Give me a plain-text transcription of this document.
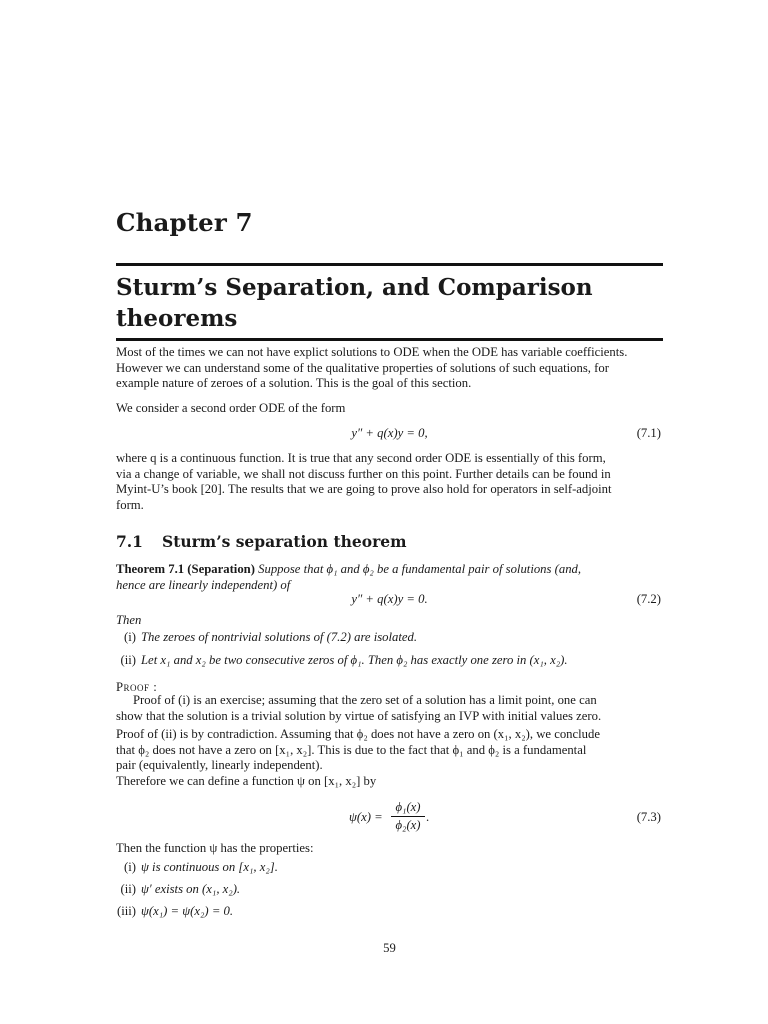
Chapter 7
Sturm’s Separation, and Comparison
theorems
Most of the times we can not have explict solutions to ODE when the ODE has variable coefficients.
However we can understand some of the qualitative properties of solutions of such equations, for
example nature of zeroes of a solution. This is the goal of this section.
We consider a second order ODE of the form
y″ + q(x)y = 0,	(7.1)
where q is a continuous function. It is true that any second order ODE is essentially of this form,
via a change of variable, we shall not discuss further on this point. Further details can be found in
Myint-U’s book [20]. The results that we are going to prove also hold for operators in self-adjoint
form.
7.1 Sturm’s separation theorem
Theorem 7.1 (Separation) Suppose that ϕ₁ and ϕ₂ be a fundamental pair of solutions (and,
hence are linearly independent) of
y″ + q(x)y = 0.	(7.2)
Then
(i) The zeroes of nontrivial solutions of (7.2) are isolated.
(ii) Let x₁ and x₂ be two consecutive zeros of ϕ₁. Then ϕ₂ has exactly one zero in (x₁, x₂).
Proof :
Proof of (i) is an exercise; assuming that the zero set of a solution has a limit point, one can
show that the solution is a trivial solution by virtue of satisfying an IVP with initial values zero.
Proof of (ii) is by contradiction. Assuming that ϕ₂ does not have a zero on (x₁, x₂), we conclude
that ϕ₂ does not have a zero on [x₁, x₂]. This is due to the fact that ϕ₁ and ϕ₂ is a fundamental
pair (equivalently, linearly independent).
Therefore we can define a function ψ on [x₁, x₂] by
ψ(x) =
ϕ₁(x)
ϕ₂(x)
.	(7.3)
Then the function ψ has the properties:
(i) ψ is continuous on [x₁, x₂].
(ii) ψ′ exists on (x₁, x₂).
(iii) ψ(x₁) = ψ(x₂) = 0.
59
